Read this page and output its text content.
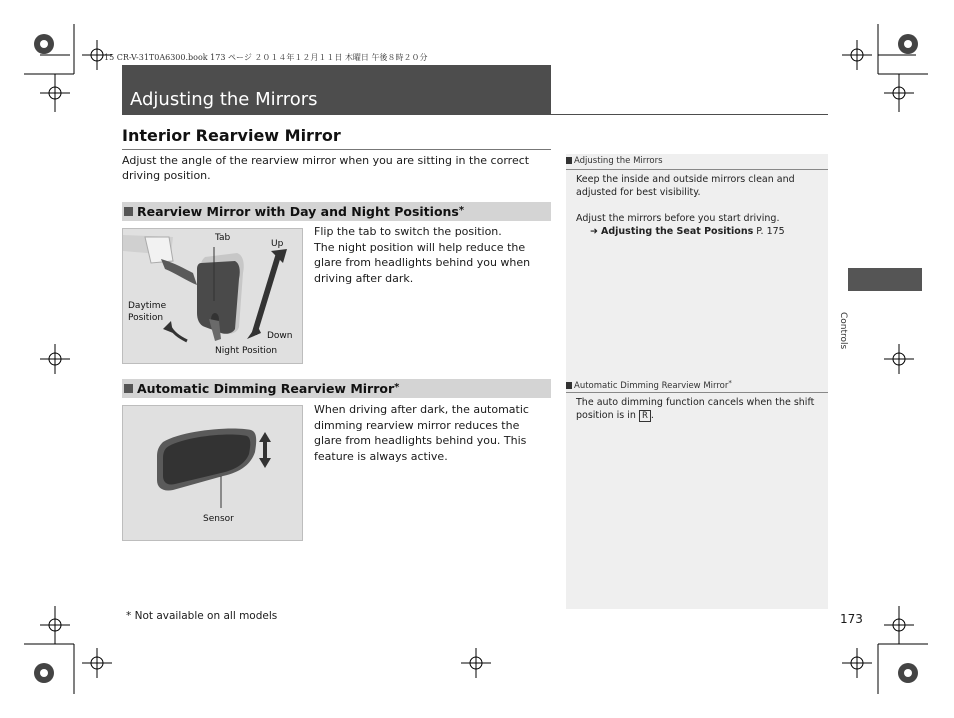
15 CR-V-31T0A6300.book 173 ページ ２０１４年１２月１１日 木曜日 午後８時２０分
Adjusting the Mirrors
Interior Rearview Mirror
Adjust the angle of the rearview mirror when you are sitting in the correct driving position.
Rearview Mirror with Day and Night Positions*
Tab
Up
Daytime
Position
Down
Night Position
Flip the tab to switch the position.
The night position will help reduce the glare from headlights behind you when driving after dark.
Automatic Dimming Rearview Mirror*
Sensor
When driving after dark, the automatic dimming rearview mirror reduces the glare from headlights behind you. This feature is always active.
Adjusting the Mirrors
Keep the inside and outside mirrors clean and adjusted for best visibility.
Adjust the mirrors before you start driving.
➜ Adjusting the Seat Positions P. 175
Automatic Dimming Rearview Mirror*
The auto dimming function cancels when the shift position is in R .
Controls
* Not available on all models	173
